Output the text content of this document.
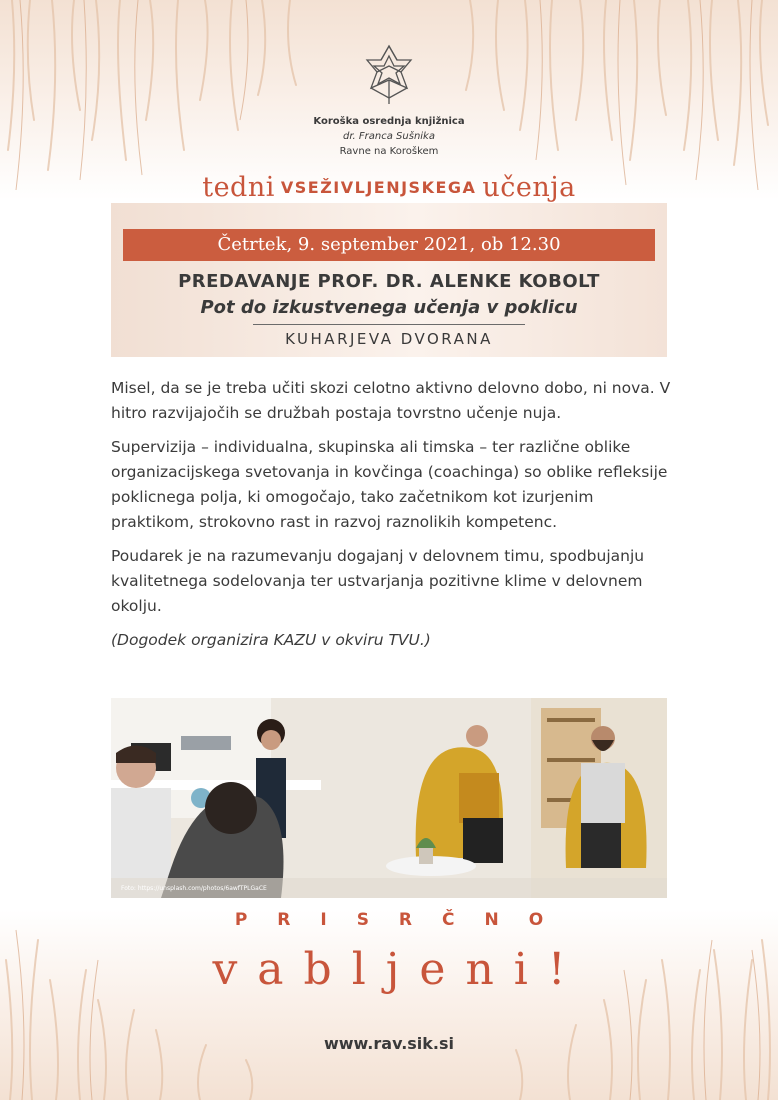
Koroška osrednja knjižnica
dr. Franca Sušnika
Ravne na Koroškem
tedni VSEŽIVLJENJSKEGA učenja
Četrtek, 9. september 2021, ob 12.30
PREDAVANJE PROF. DR. ALENKE KOBOLT
Pot do izkustvenega učenja v poklicu
KUHARJEVA DVORANA

Misel, da se je treba učiti skozi celotno aktivno delovno dobo, ni nova. V hitro razvijajočih se družbah postaja tovrstno učenje nuja.

Supervizija – individualna, skupinska ali timska – ter različne oblike organizacijskega svetovanja in kovčinga (coachinga) so oblike refleksije poklicnega polja, ki omogočajo, tako začetnikom kot izurjenim praktikom, strokovno rast in razvoj raznolikih kompetenc.

Poudarek je na razumevanju dogajanj v delovnem timu, spodbujanju kvalitetnega sodelovanja ter ustvarjanja pozitivne klime v delovnem okolju.

(Dogodek organizira KAZU v okviru TVU.)

Foto: https://unsplash.com/photos/6awfTPLGaCE
PRISRČNO
vabljeni!
www.rav.sik.si
